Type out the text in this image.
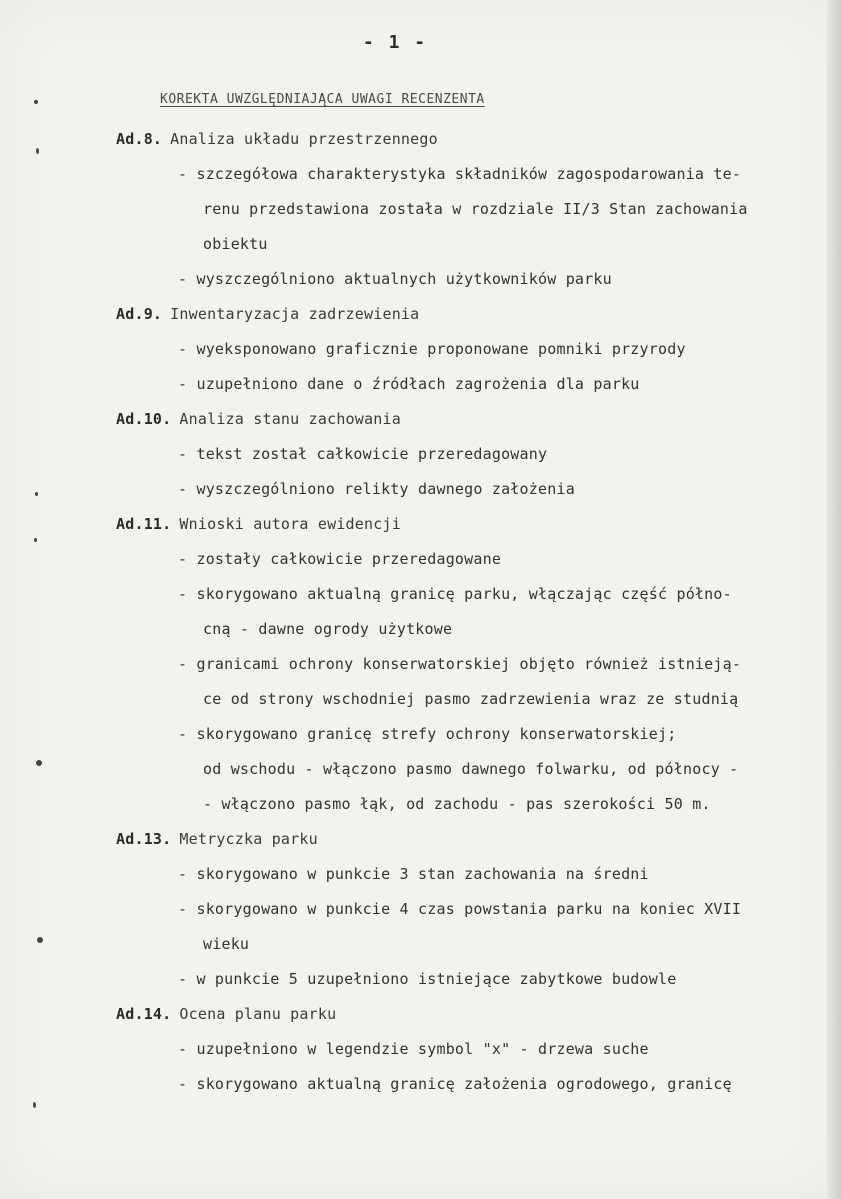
- 1 -
KOREKTA UWZGLĘDNIAJĄCA UWAGI RECENZENTA
Ad.8. Analiza układu przestrzennego
- szczegółowa charakterystyka składników zagospodarowania te-
renu przedstawiona została w rozdziale II/3 Stan zachowania
obiektu
- wyszczególniono aktualnych użytkowników parku
Ad.9. Inwentaryzacja zadrzewienia
- wyeksponowano graficznie proponowane pomniki przyrody
- uzupełniono dane o źródłach zagrożenia dla parku
Ad.10. Analiza stanu zachowania
- tekst został całkowicie przeredagowany
- wyszczególniono relikty dawnego założenia
Ad.11. Wnioski autora ewidencji
- zostały całkowicie przeredagowane
- skorygowano aktualną granicę parku, włączając część półno-
cną - dawne ogrody użytkowe
- granicami ochrony konserwatorskiej objęto również istnieją-
ce od strony wschodniej pasmo zadrzewienia wraz ze studnią
- skorygowano granicę strefy ochrony konserwatorskiej;
od wschodu - włączono pasmo dawnego folwarku, od północy -
- włączono pasmo łąk, od zachodu - pas szerokości 50 m.
Ad.13. Metryczka parku
- skorygowano w punkcie 3 stan zachowania na średni
- skorygowano w punkcie 4 czas powstania parku na koniec XVII
wieku
- w punkcie 5 uzupełniono istniejące zabytkowe budowle
Ad.14. Ocena planu parku
- uzupełniono w legendzie symbol "x" - drzewa suche
- skorygowano aktualną granicę założenia ogrodowego, granicę
